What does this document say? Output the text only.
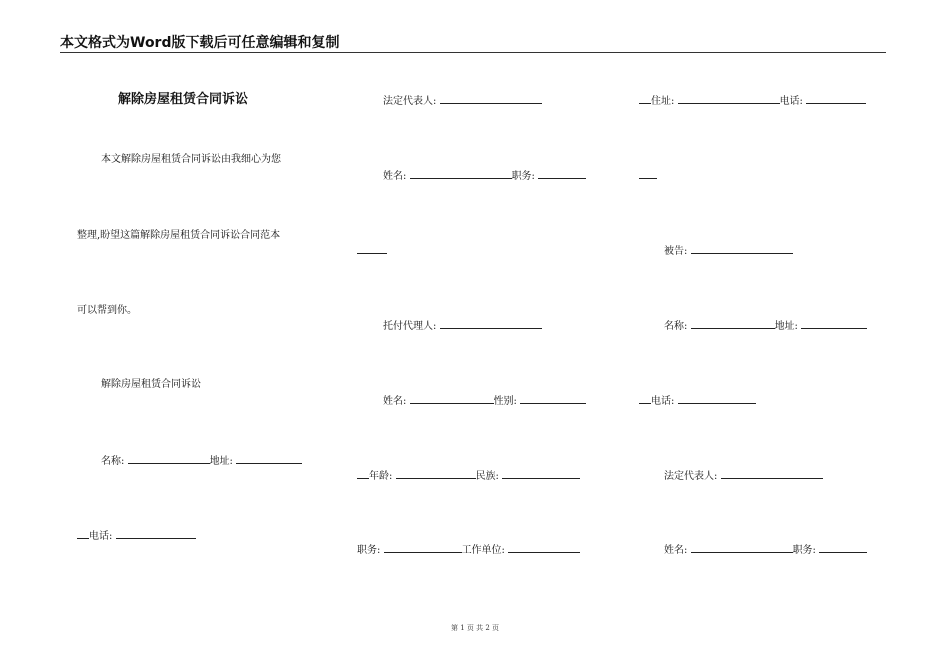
本文格式为Word版下载后可任意编辑和复制
解除房屋租赁合同诉讼
本文解除房屋租赁合同诉讼由我细心为您
整理,盼望这篇解除房屋租赁合同诉讼合同范本
可以帮到你。
解除房屋租赁合同诉讼
名称:	地址:
电话:
法定代表人:
姓名:	职务:
托付代理人:
姓名:	性别:
年龄:	民族:
职务:	工作单位:
住址:	电话:
被告:
名称:	地址:
电话:
法定代表人:
姓名:	职务:
第 1 页 共 2 页
